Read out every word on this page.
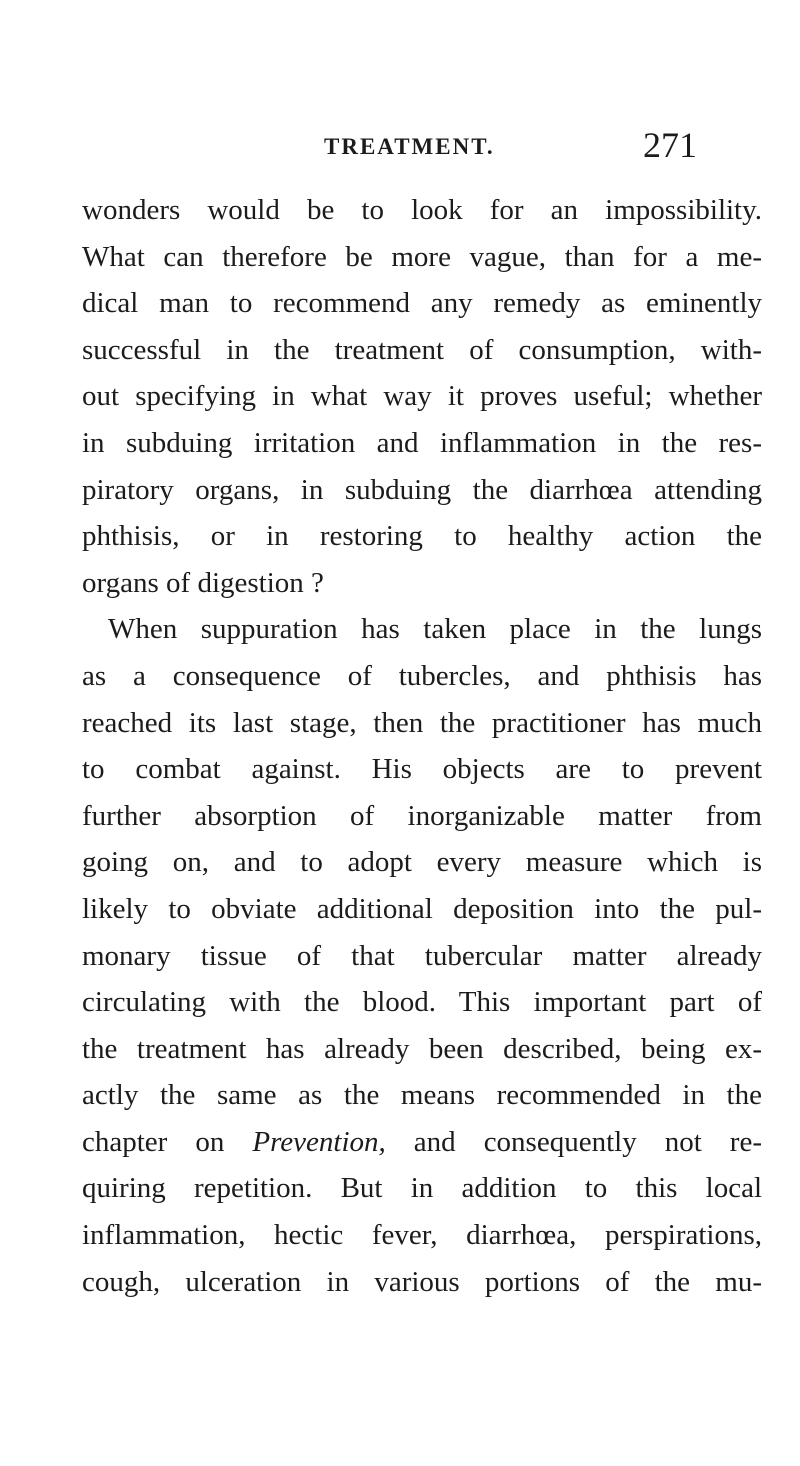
TREATMENT.	271
wonders would be to look for an impossibility.
What can therefore be more vague, than for a me-
dical man to recommend any remedy as eminently
successful in the treatment of consumption, with-
out specifying in what way it proves useful; whether
in subduing irritation and inflammation in the res-
piratory organs, in subduing the diarrhœa attending
phthisis, or in restoring to healthy action the
organs of digestion ?
When suppuration has taken place in the lungs
as a consequence of tubercles, and phthisis has
reached its last stage, then the practitioner has much
to combat against. His objects are to prevent
further absorption of inorganizable matter from
going on, and to adopt every measure which is
likely to obviate additional deposition into the pul-
monary tissue of that tubercular matter already
circulating with the blood. This important part of
the treatment has already been described, being ex-
actly the same as the means recommended in the
chapter on Prevention, and consequently not re-
quiring repetition. But in addition to this local
inflammation, hectic fever, diarrhœa, perspirations,
cough, ulceration in various portions of the mu-
